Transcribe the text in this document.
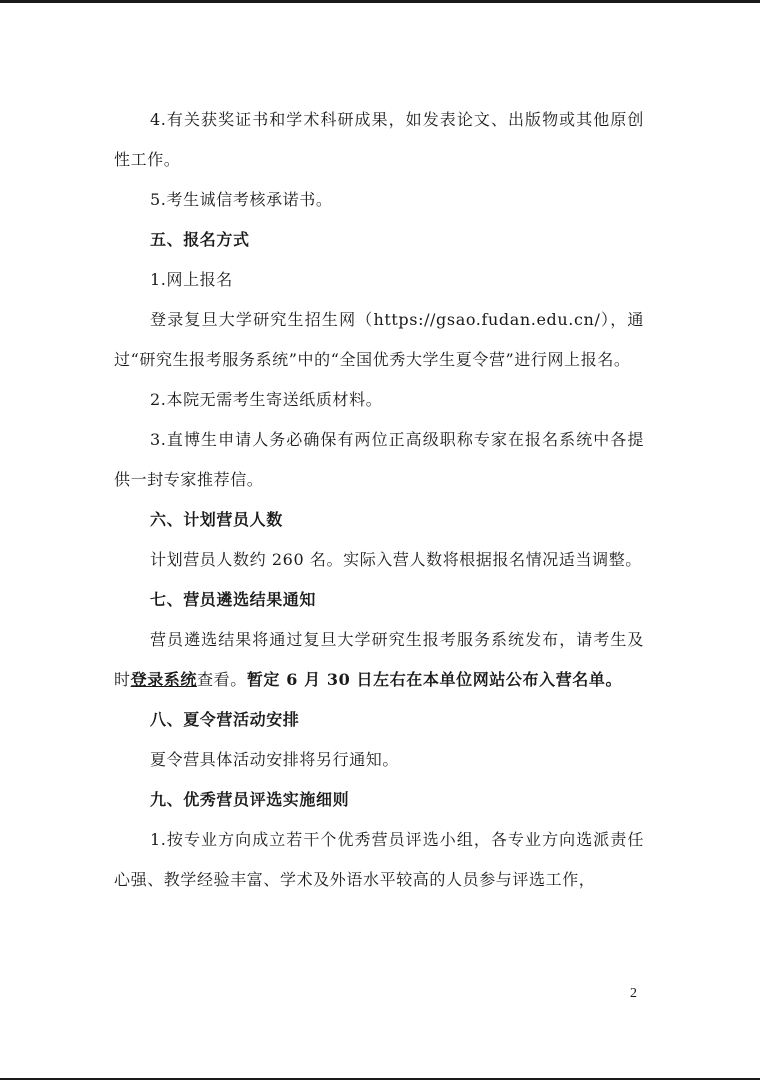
4.有关获奖证书和学术科研成果，如发表论文、出版物或其他原创性工作。

5.考生诚信考核承诺书。

五、报名方式

1.网上报名

登录复旦大学研究生招生网（https://gsao.fudan.edu.cn/），通过“研究生报考服务系统”中的“全国优秀大学生夏令营”进行网上报名。

2.本院无需考生寄送纸质材料。

3.直博生申请人务必确保有两位正高级职称专家在报名系统中各提供一封专家推荐信。

六、计划营员人数

计划营员人数约 260 名。实际入营人数将根据报名情况适当调整。

七、营员遴选结果通知

营员遴选结果将通过复旦大学研究生报考服务系统发布，请考生及时登录系统查看。暂定 6 月 30 日左右在本单位网站公布入营名单。

八、夏令营活动安排

夏令营具体活动安排将另行通知。

九、优秀营员评选实施细则

1.按专业方向成立若干个优秀营员评选小组，各专业方向选派责任心强、教学经验丰富、学术及外语水平较高的人员参与评选工作，

2
